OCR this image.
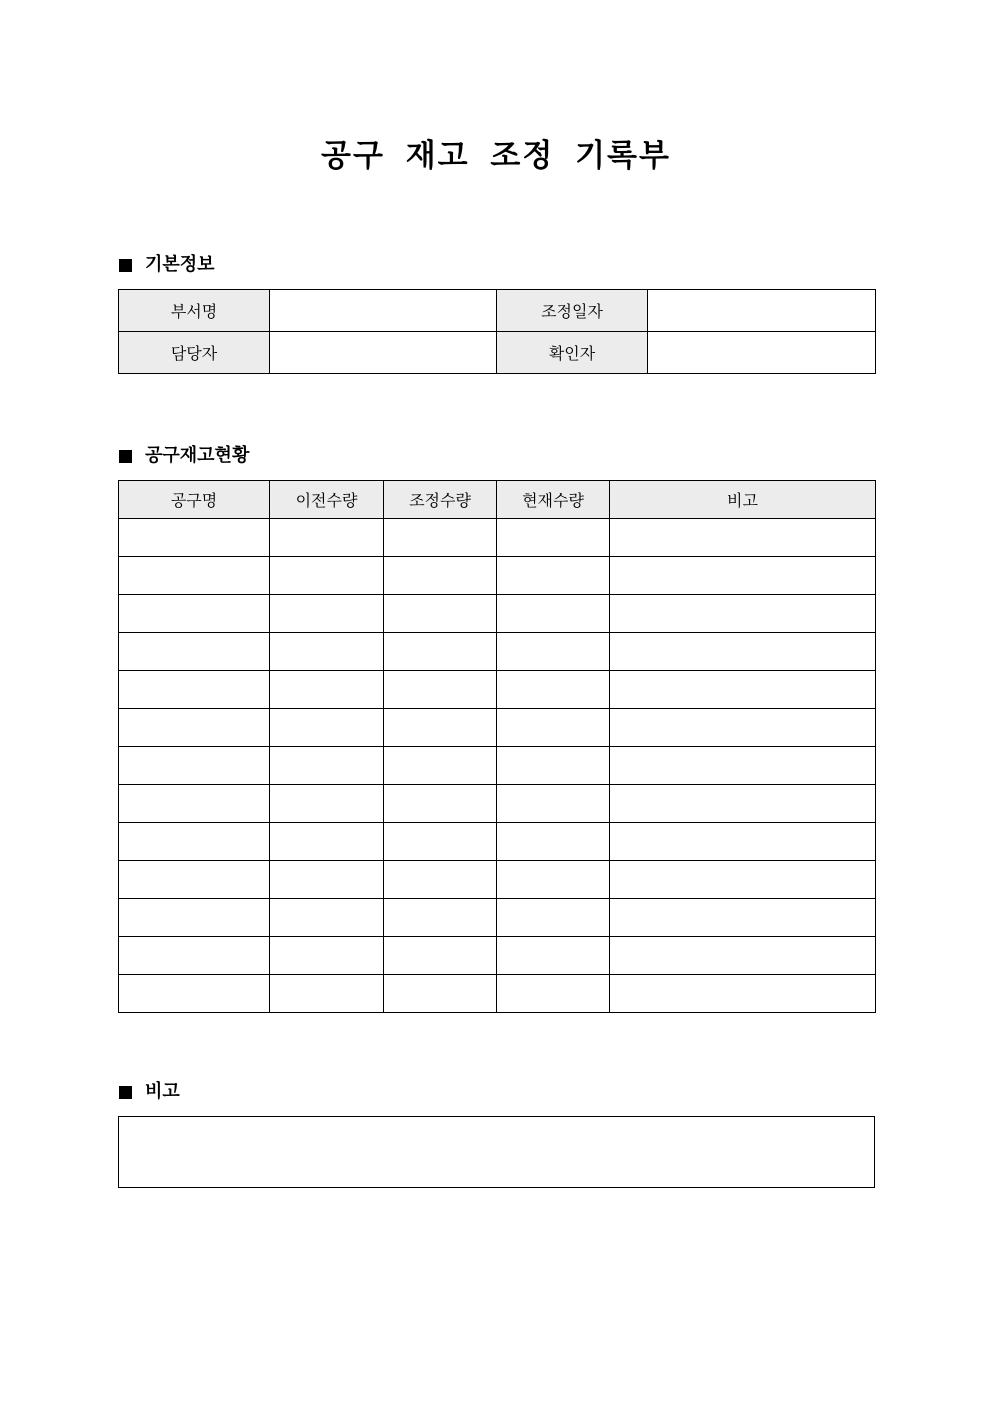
공구 재고 조정 기록부
기본정보
부서명		조정일자	
담당자		확인자	
공구재고현황
공구명	이전수량	조정수량	현재수량	비고

비고
